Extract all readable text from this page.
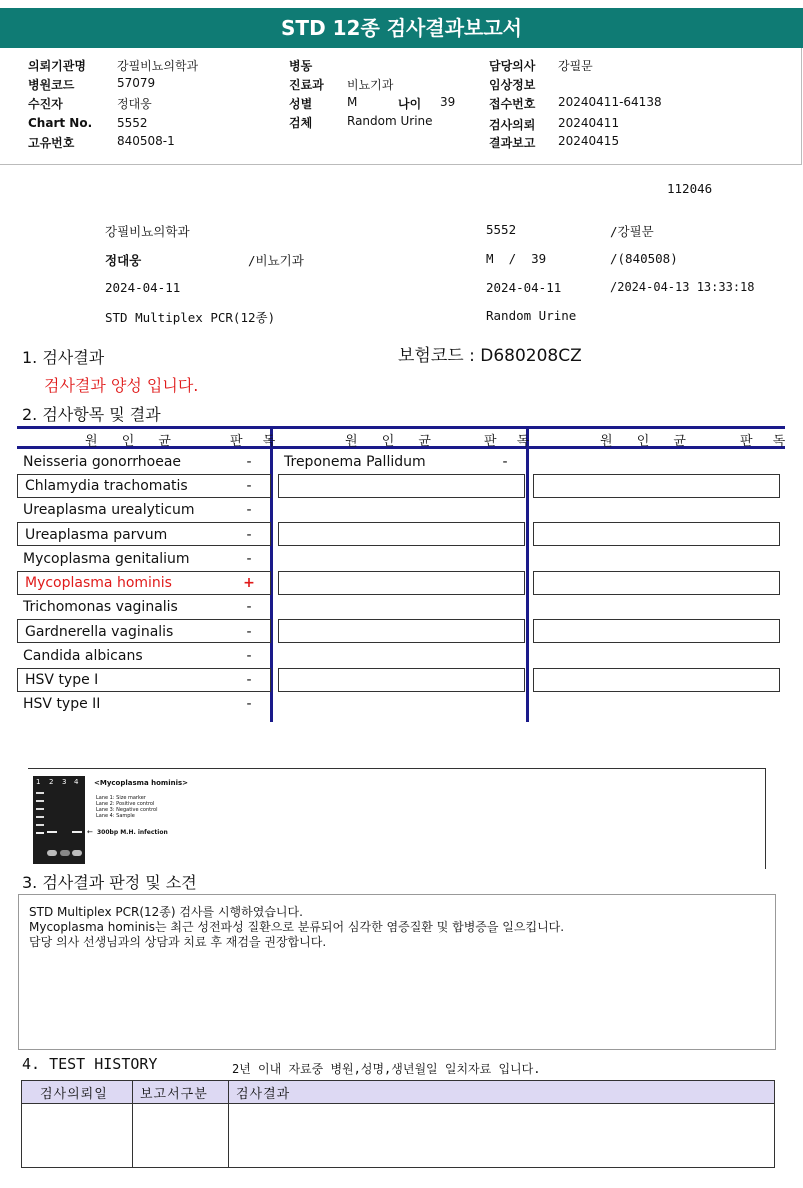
STD 12종 검사결과보고서
의뢰기관명	강필비뇨의학과
병원코드	57079
수진자	정대웅
Chart No. 5552
고유번호	840508-1
병동
진료과 비뇨기과
성별	M	나이 39
검체	Random Urine
담당의사 강필문
임상정보
접수번호 20240411-64138
검사의뢰 20240411
결과보고 20240415
112046
강필비뇨의학과	5552	/강필문
정대웅	/비뇨기과	M  /  39	/(840508)
2024-04-11	2024-04-11	/2024-04-13 13:33:18
STD Multiplex PCR(12종)	Random Urine
1. 검사결과	보험코드 : D680208CZ
검사결과 양성 입니다.
2. 검사항목 및 결과
원 인 균	판 독	원 인 균	판 독	원 인 균	판 독
Neisseria gonorrhoeae	-
Chlamydia trachomatis	-
Ureaplasma urealyticum	-
Ureaplasma parvum	-
Mycoplasma genitalium	-
Mycoplasma hominis	+
Trichomonas vaginalis	-
Gardnerella vaginalis	-
Candida albicans	-
HSV type I	-
HSV type II	-
Treponema Pallidum	-
1 2 3 4 <Mycoplasma hominis>
Lane 1: Size marker
Lane 2: Positive control
Lane 3: Negative control
Lane 4: Sample
← 300bp M.H. infection
3. 검사결과 판정 및 소견
STD Multiplex PCR(12종) 검사를 시행하였습니다.
Mycoplasma hominis는 최근 성전파성 질환으로 분류되어 심각한 염증질환 및 합병증을 일으킵니다.
담당 의사 선생님과의 상담과 치료 후 재검을 권장합니다.
4. TEST HISTORY	2년 이내 자료중 병원,성명,생년월일 일치자료 입니다.
검사의뢰일 보고서구분 검사결과
